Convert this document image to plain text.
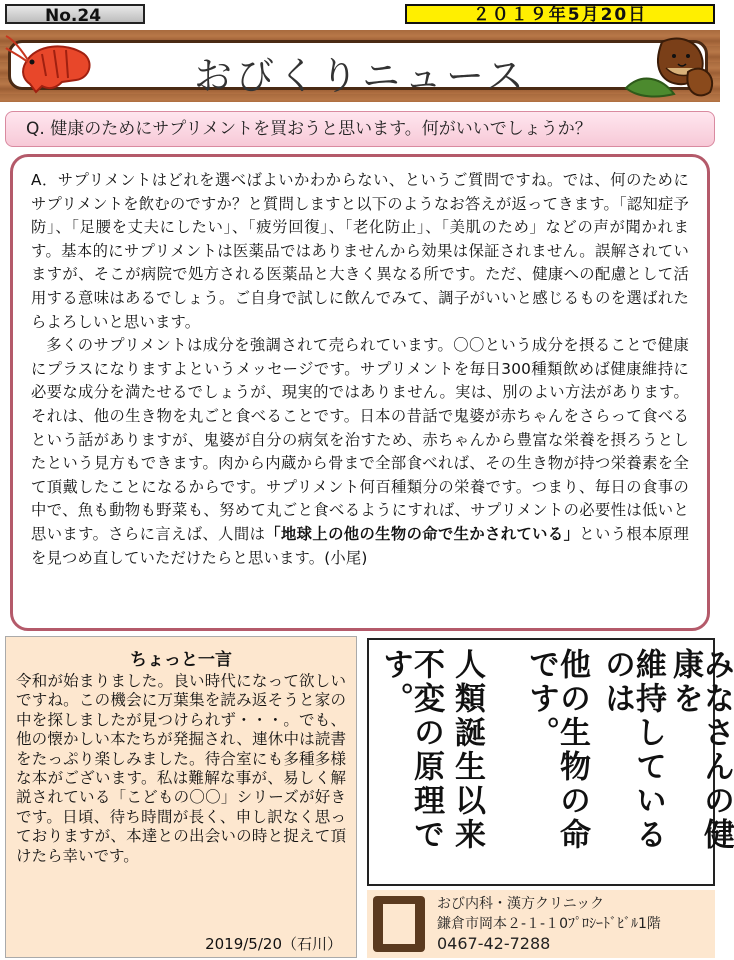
No.24	２０１９年5月20日
おびくりニュース
Q. 健康のためにサプリメントを買おうと思います。何がいいでしょうか？

A．サプリメントはどれを選べばよいかわからない、というご質問ですね。では、何のためにサプリメントを飲むのですか？と質問しますと以下のようなお答えが返ってきます。「認知症予防」、「足腰を丈夫にしたい」、「疲労回復」、「老化防止」、「美肌のため」などの声が聞かれます。基本的にサプリメントは医薬品ではありませんから効果は保証されません。誤解されていますが、そこが病院で処方される医薬品と大きく異なる所です。ただ、健康への配慮として活用する意味はあるでしょう。ご自身で試しに飲んでみて、調子がいいと感じるものを選ばれたらよろしいと思います。

多くのサプリメントは成分を強調されて売られています。〇〇という成分を摂ることで健康にプラスになりますよというメッセージです。サプリメントを毎日300種類飲めば健康維持に必要な成分を満たせるでしょうが、現実的ではありません。実は、別のよい方法があります。それは、他の生き物を丸ごと食べることです。日本の昔話で鬼婆が赤ちゃんをさらって食べるという話がありますが、鬼婆が自分の病気を治すため、赤ちゃんから豊富な栄養を摂ろうとしたという見方もできます。肉から内蔵から骨まで全部食べれば、その生き物が持つ栄養素を全て頂戴したことになるからです。サプリメント何百種類分の栄養です。つまり、毎日の食事の中で、魚も動物も野菜も、努めて丸ごと食べるようにすれば、サプリメントの必要性は低いと思います。さらに言えば、人間は「地球上の他の生物の命で生かされている」という根本原理を見つめ直していただけたらと思います。(小尾)

ちょっと一言
令和が始まりました。良い時代になって欲しいですね。この機会に万葉集を読み返そうと家の中を探しましたが見つけられず・・・。でも、他の懐かしい本たちが発掘され、連休中は読書をたっぷり楽しみました。待合室にも多種多様な本がございます。私は難解な事が、易しく解説されている「こどもの〇〇」シリーズが好きです。日頃、待ち時間が長く、申し訳なく思っておりますが、本達との出会いの時と捉えて頂けたら幸いです。
2019/5/20（石川）
みなさんの健康を
維持しているのは
他の生物の命です。
人類誕生以来
不変の原理です。
おび内科・漢方クリニック
鎌倉市岡本２-１-１0ﾌﾟﾛｼｰﾄﾞﾋﾞﾙ1階
0467-42-7288
